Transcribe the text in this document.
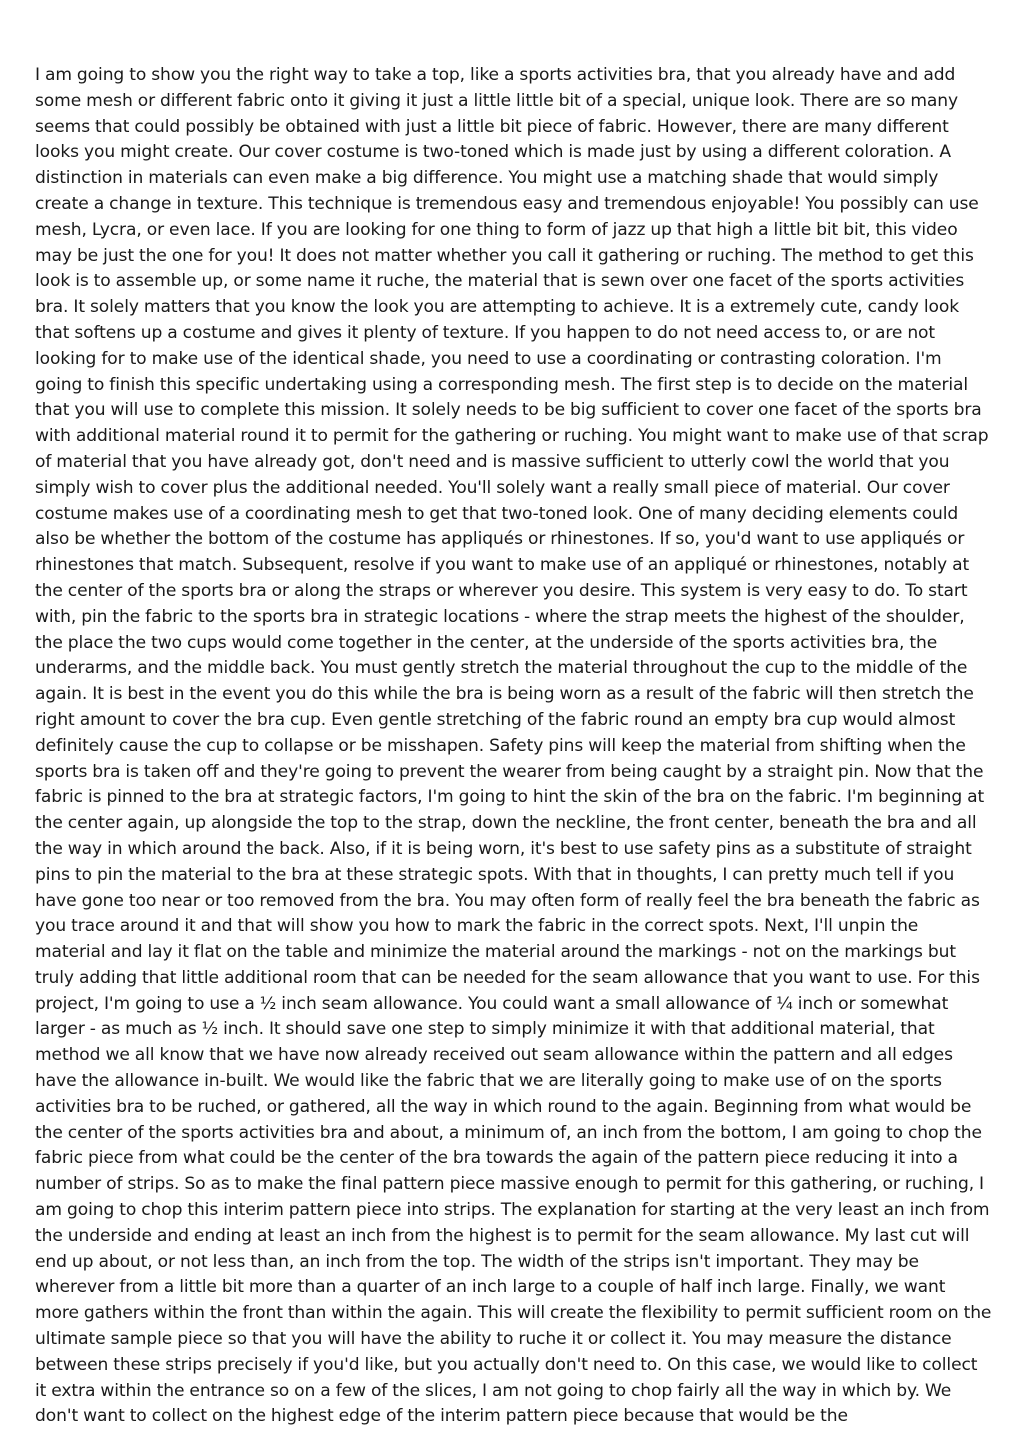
I am going to show you the right way to take a top, like a sports activities bra, that you already have and add some mesh or different fabric onto it giving it just a little little bit of a special, unique look. There are so many seems that could possibly be obtained with just a little bit piece of fabric. However, there are many different looks you might create. Our cover costume is two-toned which is made just by using a different coloration. A distinction in materials can even make a big difference. You might use a matching shade that would simply create a change in texture. This technique is tremendous easy and tremendous enjoyable! You possibly can use mesh, Lycra, or even lace. If you are looking for one thing to form of jazz up that high a little bit bit, this video may be just the one for you! It does not matter whether you call it gathering or ruching. The method to get this look is to assemble up, or some name it ruche, the material that is sewn over one facet of the sports activities bra. It solely matters that you know the look you are attempting to achieve. It is a extremely cute, candy look that softens up a costume and gives it plenty of texture. If you happen to do not need access to, or are not looking for to make use of the identical shade, you need to use a coordinating or contrasting coloration. I'm going to finish this specific undertaking using a corresponding mesh. The first step is to decide on the material that you will use to complete this mission. It solely needs to be big sufficient to cover one facet of the sports bra with additional material round it to permit for the gathering or ruching. You might want to make use of that scrap of material that you have already got, don't need and is massive sufficient to utterly cowl the world that you simply wish to cover plus the additional needed. You'll solely want a really small piece of material. Our cover costume makes use of a coordinating mesh to get that two-toned look. One of many deciding elements could also be whether the bottom of the costume has appliqués or rhinestones. If so, you'd want to use appliqués or rhinestones that match. Subsequent, resolve if you want to make use of an appliqué or rhinestones, notably at the center of the sports bra or along the straps or wherever you desire. This system is very easy to do. To start with, pin the fabric to the sports bra in strategic locations - where the strap meets the highest of the shoulder, the place the two cups would come together in the center, at the underside of the sports activities bra, the underarms, and the middle back. You must gently stretch the material throughout the cup to the middle of the again. It is best in the event you do this while the bra is being worn as a result of the fabric will then stretch the right amount to cover the bra cup. Even gentle stretching of the fabric round an empty bra cup would almost definitely cause the cup to collapse or be misshapen. Safety pins will keep the material from shifting when the sports bra is taken off and they're going to prevent the wearer from being caught by a straight pin. Now that the fabric is pinned to the bra at strategic factors, I'm going to hint the skin of the bra on the fabric. I'm beginning at the center again, up alongside the top to the strap, down the neckline, the front center, beneath the bra and all the way in which around the back. Also, if it is being worn, it's best to use safety pins as a substitute of straight pins to pin the material to the bra at these strategic spots. With that in thoughts, I can pretty much tell if you have gone too near or too removed from the bra. You may often form of really feel the bra beneath the fabric as you trace around it and that will show you how to mark the fabric in the correct spots. Next, I'll unpin the material and lay it flat on the table and minimize the material around the markings - not on the markings but truly adding that little additional room that can be needed for the seam allowance that you want to use. For this project, I'm going to use a ½ inch seam allowance. You could want a small allowance of ¼ inch or somewhat larger - as much as ½ inch. It should save one step to simply minimize it with that additional material, that method we all know that we have now already received out seam allowance within the pattern and all edges have the allowance in-built. We would like the fabric that we are literally going to make use of on the sports activities bra to be ruched, or gathered, all the way in which round to the again. Beginning from what would be the center of the sports activities bra and about, a minimum of, an inch from the bottom, I am going to chop the fabric piece from what could be the center of the bra towards the again of the pattern piece reducing it into a number of strips. So as to make the final pattern piece massive enough to permit for this gathering, or ruching, I am going to chop this interim pattern piece into strips. The explanation for starting at the very least an inch from the underside and ending at least an inch from the highest is to permit for the seam allowance. My last cut will end up about, or not less than, an inch from the top. The width of the strips isn't important. They may be wherever from a little bit more than a quarter of an inch large to a couple of half inch large. Finally, we want more gathers within the front than within the again. This will create the flexibility to permit sufficient room on the ultimate sample piece so that you will have the ability to ruche it or collect it. You may measure the distance between these strips precisely if you'd like, but you actually don't need to. On this case, we would like to collect it extra within the entrance so on a few of the slices, I am not going to chop fairly all the way in which by. We don't want to collect on the highest edge of the interim pattern piece because that would be the
